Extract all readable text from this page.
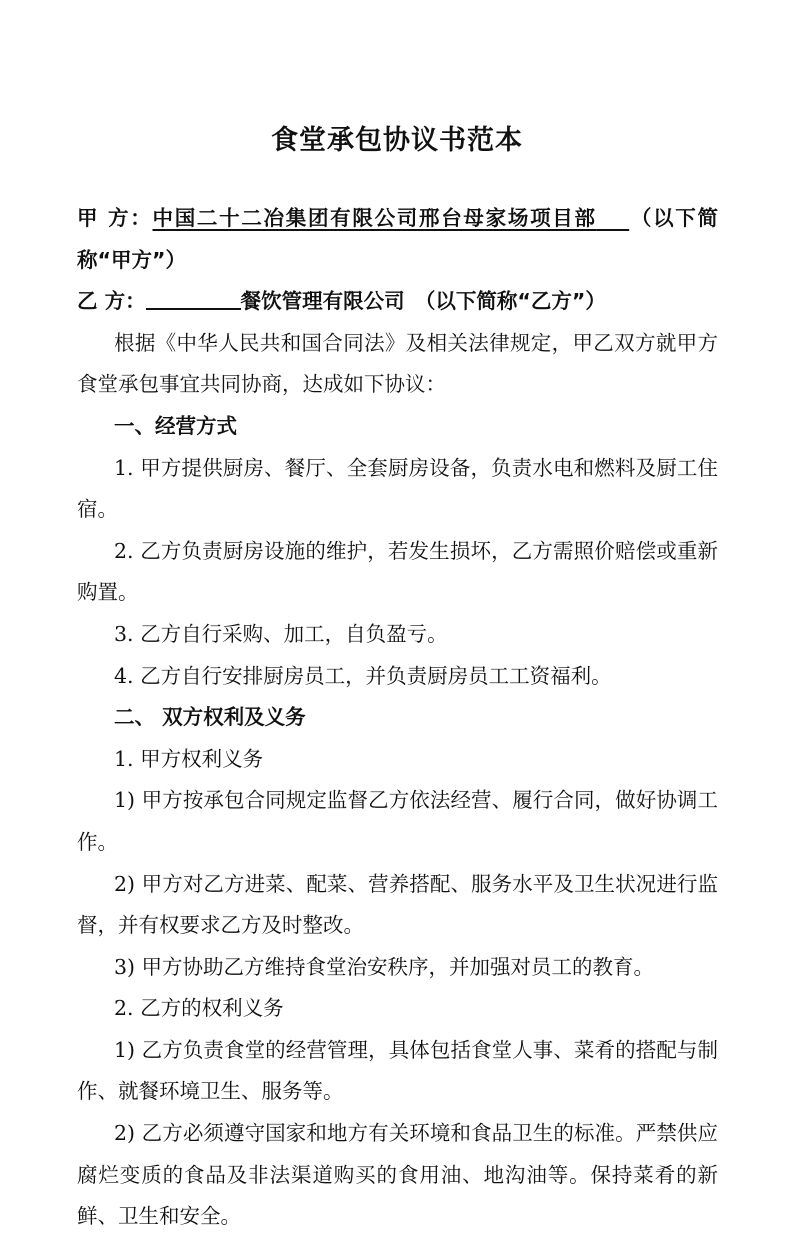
食堂承包协议书范本

甲 方：中国二十二冶集团有限公司邢台母家场项目部　  （以下简称“甲方”）

乙 方：	餐饮管理有限公司　 （以下简称“乙方”）

根据《中华人民共和国合同法》及相关法律规定，甲乙双方就甲方食堂承包事宜共同协商，达成如下协议：

一、经营方式

1. 甲方提供厨房、餐厅、全套厨房设备，负责水电和燃料及厨工住宿。

2. 乙方负责厨房设施的维护，若发生损坏，乙方需照价赔偿或重新购置。

3. 乙方自行采购、加工，自负盈亏。

4. 乙方自行安排厨房员工，并负责厨房员工工资福利。

二、 双方权利及义务

1. 甲方权利义务

1) 甲方按承包合同规定监督乙方依法经营、履行合同，做好协调工作。

2) 甲方对乙方进菜、配菜、营养搭配、服务水平及卫生状况进行监督，并有权要求乙方及时整改。

3) 甲方协助乙方维持食堂治安秩序，并加强对员工的教育。

2. 乙方的权利义务

1) 乙方负责食堂的经营管理，具体包括食堂人事、菜肴的搭配与制作、就餐环境卫生、服务等。

2) 乙方必须遵守国家和地方有关环境和食品卫生的标准。严禁供应腐烂变质的食品及非法渠道购买的食用油、地沟油等。保持菜肴的新鲜、卫生和安全。
